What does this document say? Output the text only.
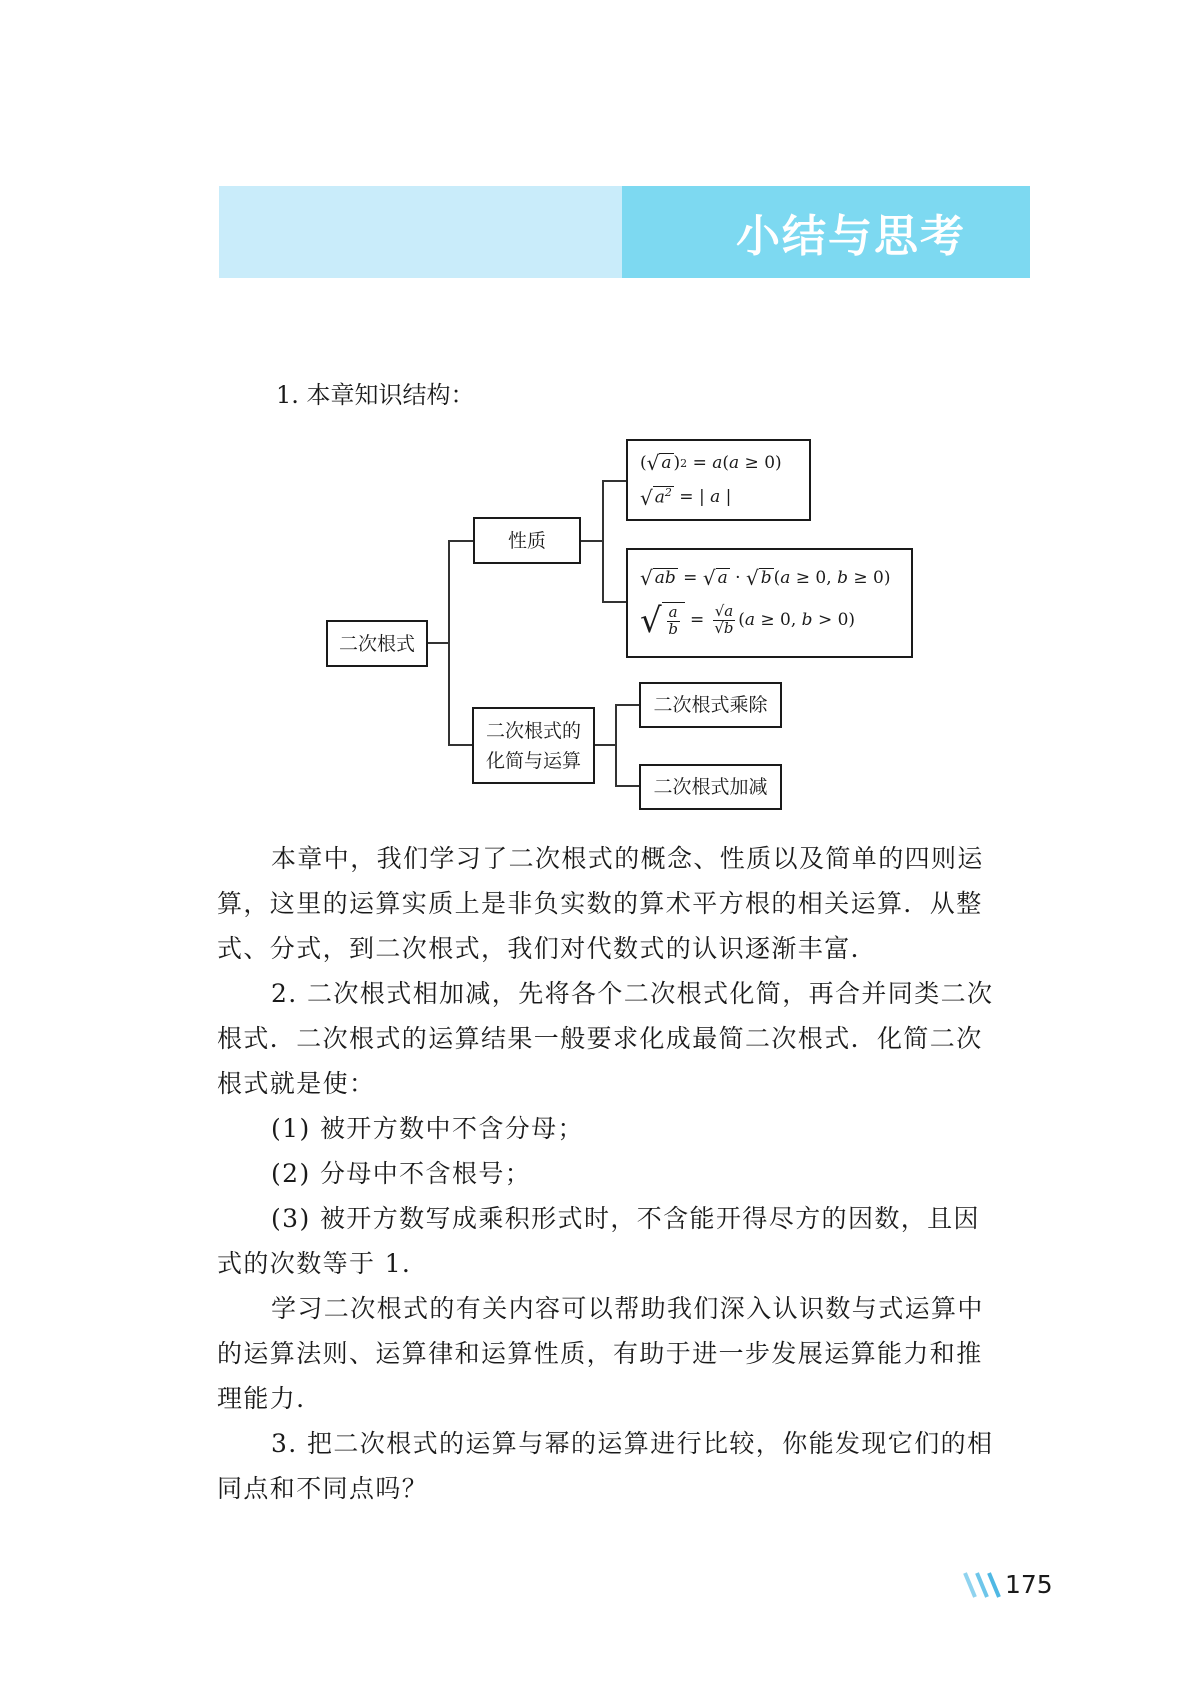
小结与思考
1. 本章知识结构：
二次根式
性质
二次根式的
化简与运算
二次根式乘除
二次根式加减
( √ a ) 2 = a ( a ≥ 0)
√ $a^2$ = | a |
√ ab = √ a · √ b ( a ≥ 0, b ≥ 0)
√ $\frac{a}{b} = \frac{√a}{√b}$ ( a ≥ 0, b > 0)
本章中，我们学习了二次根式的概念、性质以及简单的四则运
算，这里的运算实质上是非负实数的算术平方根的相关运算．从整
式、分式，到二次根式，我们对代数式的认识逐渐丰富．
2. 二次根式相加减，先将各个二次根式化简，再合并同类二次
根式．二次根式的运算结果一般要求化成最简二次根式．化简二次
根式就是使：
(1) 被开方数中不含分母；
(2) 分母中不含根号；
(3) 被开方数写成乘积形式时，不含能开得尽方的因数，且因
式的次数等于 1．
学习二次根式的有关内容可以帮助我们深入认识数与式运算中
的运算法则、运算律和运算性质，有助于进一步发展运算能力和推
理能力．
3. 把二次根式的运算与幂的运算进行比较，你能发现它们的相
同点和不同点吗？
175
